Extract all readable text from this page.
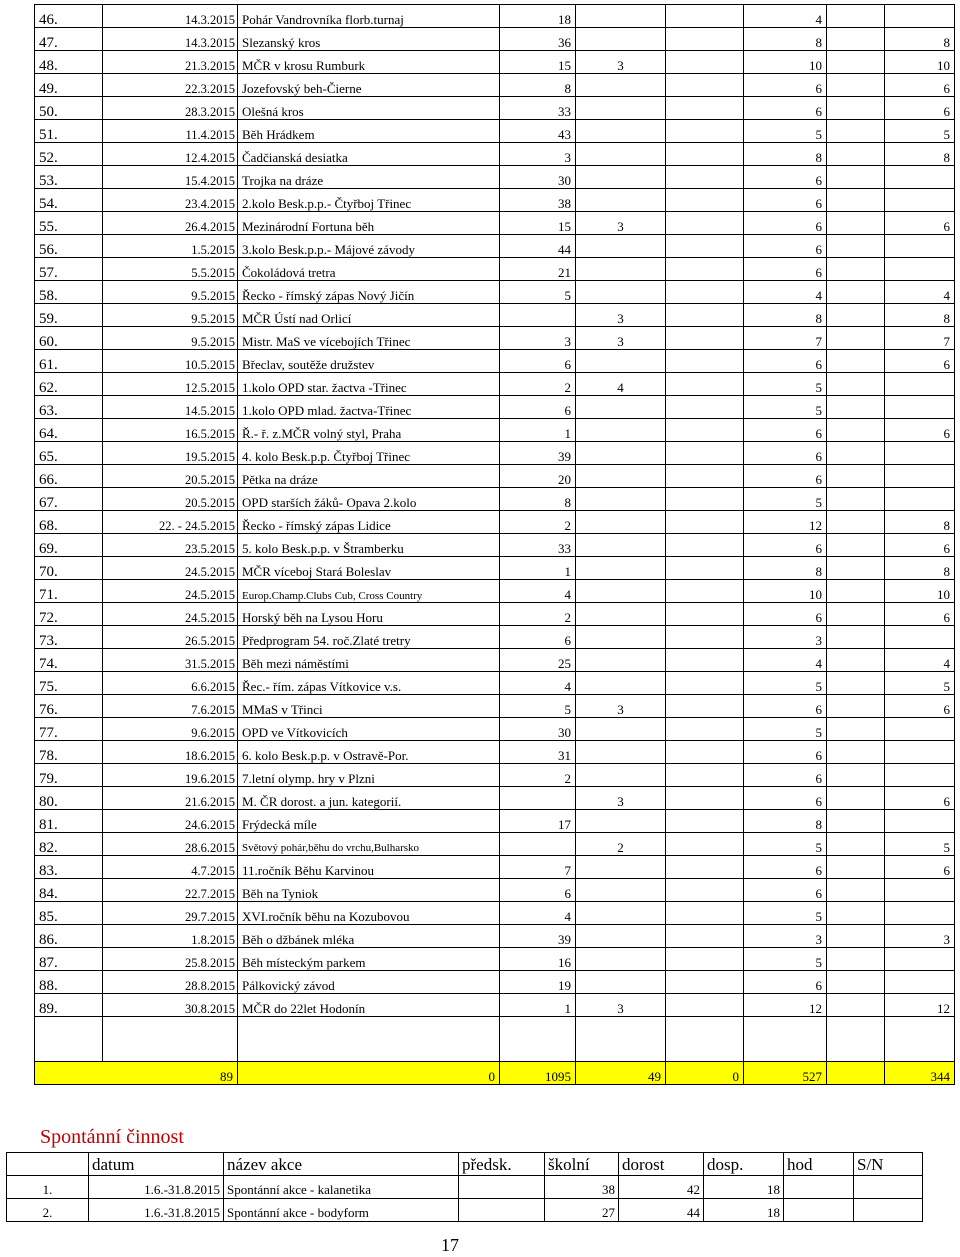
46.	14.3.2015	Pohár Vandrovníka florb.turnaj	18			4		
47.	14.3.2015	Slezanský kros	36			8		8
48.	21.3.2015	MČR v krosu Rumburk	15	3		10		10
49.	22.3.2015	Jozefovský beh-Čierne	8			6		6
50.	28.3.2015	Olešná kros	33			6		6
51.	11.4.2015	Běh Hrádkem	43			5		5
52.	12.4.2015	Čadčianská desiatka	3			8		8
53.	15.4.2015	Trojka na dráze	30			6		
54.	23.4.2015	2.kolo Besk.p.p.- Čtyřboj Třinec	38			6		
55.	26.4.2015	Mezinárodní Fortuna běh	15	3		6		6
56.	1.5.2015	3.kolo Besk.p.p.- Májové závody	44			6		
57.	5.5.2015	Čokoládová tretra	21			6		
58.	9.5.2015	Řecko - římský zápas Nový Jičín	5			4		4
59.	9.5.2015	MČR Ústí nad Orlicí		3		8		8
60.	9.5.2015	Mistr. MaS ve vícebojích Třinec	3	3		7		7
61.	10.5.2015	Břeclav, soutěže družstev	6			6		6
62.	12.5.2015	1.kolo OPD star. žactva -Třinec	2	4		5		
63.	14.5.2015	1.kolo OPD mlad. žactva-Třinec	6			5		
64.	16.5.2015	Ř.- ř. z.MČR volný styl, Praha	1			6		6
65.	19.5.2015	4. kolo Besk.p.p. Čtyřboj Třinec	39			6		
66.	20.5.2015	Pětka na dráze	20			6		
67.	20.5.2015	OPD starších žáků- Opava 2.kolo	8			5		
68.	22. - 24.5.2015	Řecko - římský zápas Lidice	2			12		8
69.	23.5.2015	5. kolo Besk.p.p. v Štramberku	33			6		6
70.	24.5.2015	MČR víceboj Stará Boleslav	1			8		8
71.	24.5.2015	Europ.Champ.Clubs Cub, Cross Country	4			10		10
72.	24.5.2015	Horský běh na Lysou Horu	2			6		6
73.	26.5.2015	Předprogram 54. roč.Zlaté tretry	6			3		
74.	31.5.2015	Běh mezi náměstími	25			4		4
75.	6.6.2015	Řec.- řím. zápas Vítkovice v.s.	4			5		5
76.	7.6.2015	MMaS v Třinci	5	3		6		6
77.	9.6.2015	OPD ve Vítkovicích	30			5		
78.	18.6.2015	6. kolo Besk.p.p. v Ostravě-Por.	31			6		
79.	19.6.2015	7.letní olymp. hry v Plzni	2			6		
80.	21.6.2015	M. ČR dorost. a jun. kategorií.		3		6		6
81.	24.6.2015	Frýdecká míle	17			8		
82.	28.6.2015	Světový pohár,běhu do vrchu,Bulharsko		2		5		5
83.	4.7.2015	11.ročník Běhu Karvinou	7			6		6
84.	22.7.2015	Běh na Tyniok	6			6		
85.	29.7.2015	XVI.ročník běhu na Kozubovou	4			5		
86.	1.8.2015	Běh o džbánek mléka	39			3		3
87.	25.8.2015	Běh místeckým parkem	16			5		
88.	28.8.2015	Pálkovický závod	19			6		
89.	30.8.2015	MČR do 22let Hodonín	1	3		12		12

89		0	1095	49	0	527		344
Spontánní činnost
	datum	název akce	předsk.	školní	dorost	dosp.	hod	S/N
1.	1.6.-31.8.2015	Spontánní akce - kalanetika		38	42	18		
2.	1.6.-31.8.2015	Spontánní akce - bodyform		27	44	18		
17
